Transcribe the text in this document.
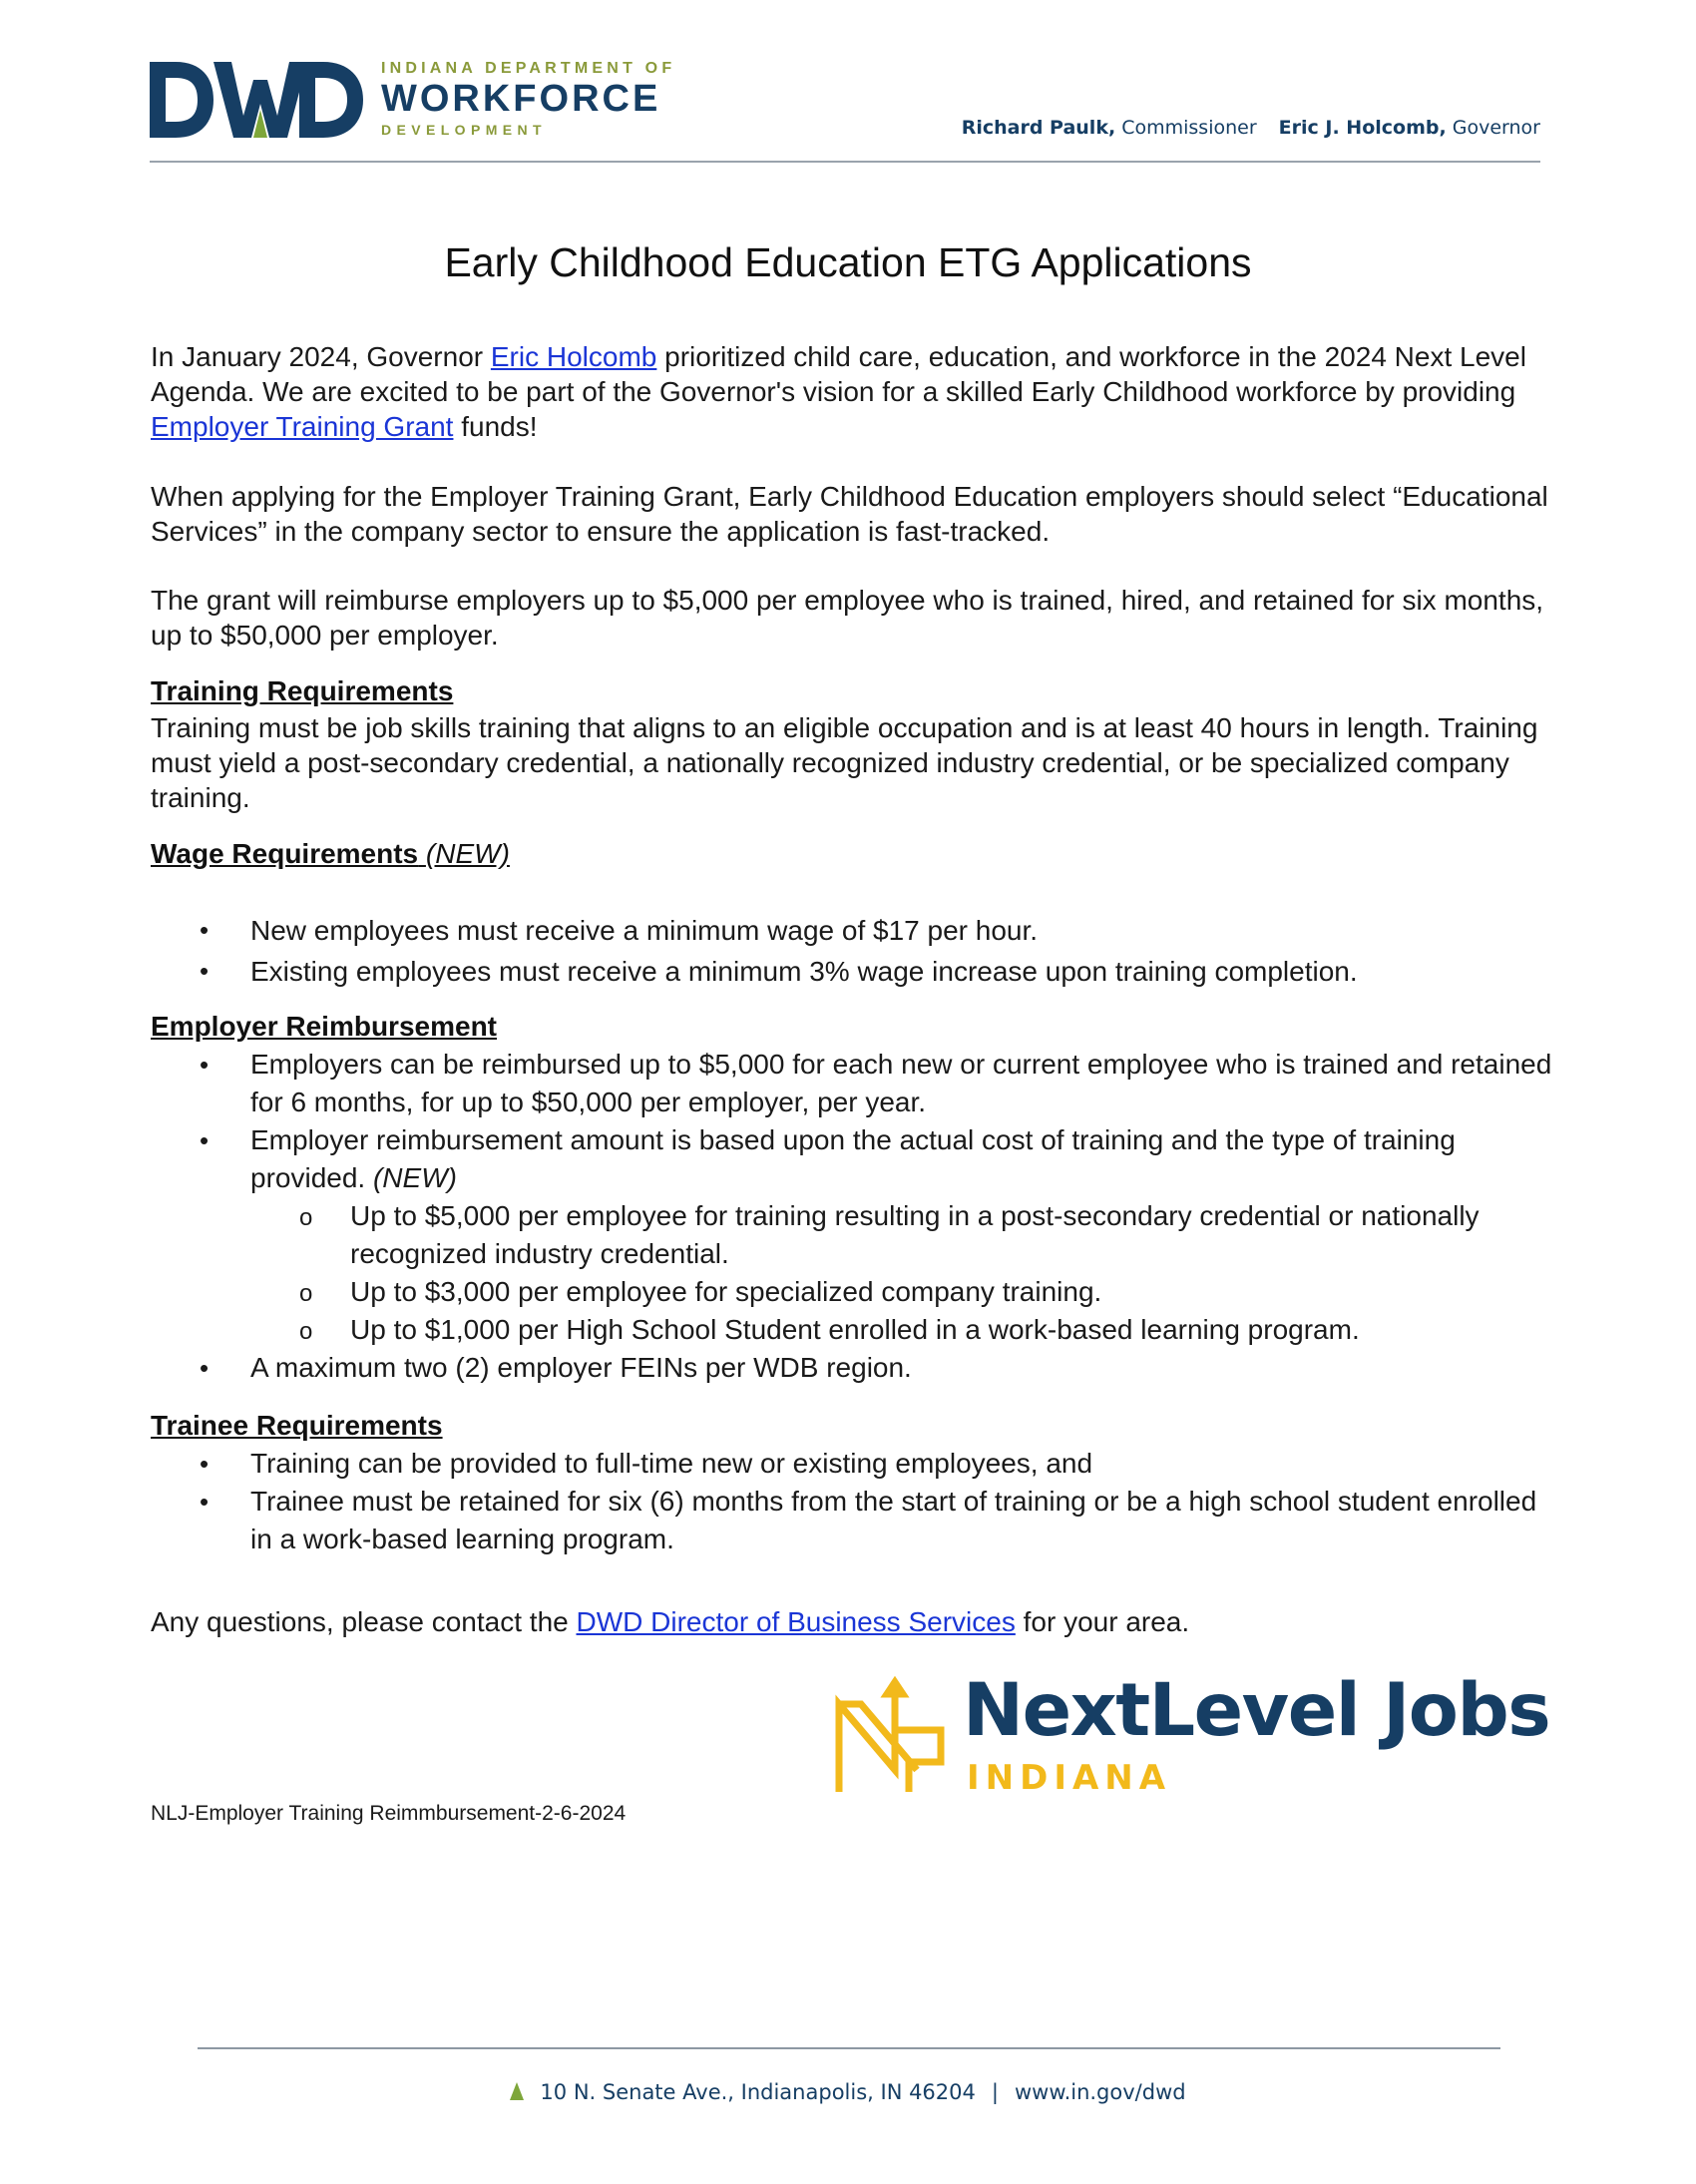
INDIANA DEPARTMENT OF
WORKFORCE
DEVELOPMENT	Richard Paulk, Commissioner Eric J. Holcomb, Governor
Early Childhood Education ETG Applications
In January 2024, Governor Eric Holcomb prioritized child care, education, and workforce in the 2024 Next Level Agenda. We are excited to be part of the Governor's vision for a skilled Early Childhood workforce by providing Employer Training Grant funds!
When applying for the Employer Training Grant, Early Childhood Education employers should select “Educational Services” in the company sector to ensure the application is fast-tracked.
The grant will reimburse employers up to $5,000 per employee who is trained, hired, and retained for six months, up to $50,000 per employer.
Training Requirements
Training must be job skills training that aligns to an eligible occupation and is at least 40 hours in length. Training must yield a post-secondary credential, a nationally recognized industry credential, or be specialized company training.
Wage Requirements (NEW)
• New employees must receive a minimum wage of $17 per hour.
• Existing employees must receive a minimum 3% wage increase upon training completion.
Employer Reimbursement
• Employers can be reimbursed up to $5,000 for each new or current employee who is trained and retained for 6 months, for up to $50,000 per employer, per year.
• Employer reimbursement amount is based upon the actual cost of training and the type of training provided. (NEW)
o Up to $5,000 per employee for training resulting in a post-secondary credential or nationally recognized industry credential.
o Up to $3,000 per employee for specialized company training.
o Up to $1,000 per High School Student enrolled in a work-based learning program.
• A maximum two (2) employer FEINs per WDB region.
Trainee Requirements
• Training can be provided to full-time new or existing employees, and
• Trainee must be retained for six (6) months from the start of training or be a high school student enrolled in a work-based learning program.
Any questions, please contact the DWD Director of Business Services for your area.
NextLevel Jobs
INDIANA
NLJ-Employer Training Reimmbursement-2-6-2024
10 N. Senate Ave., Indianapolis, IN 46204 | www.in.gov/dwd
